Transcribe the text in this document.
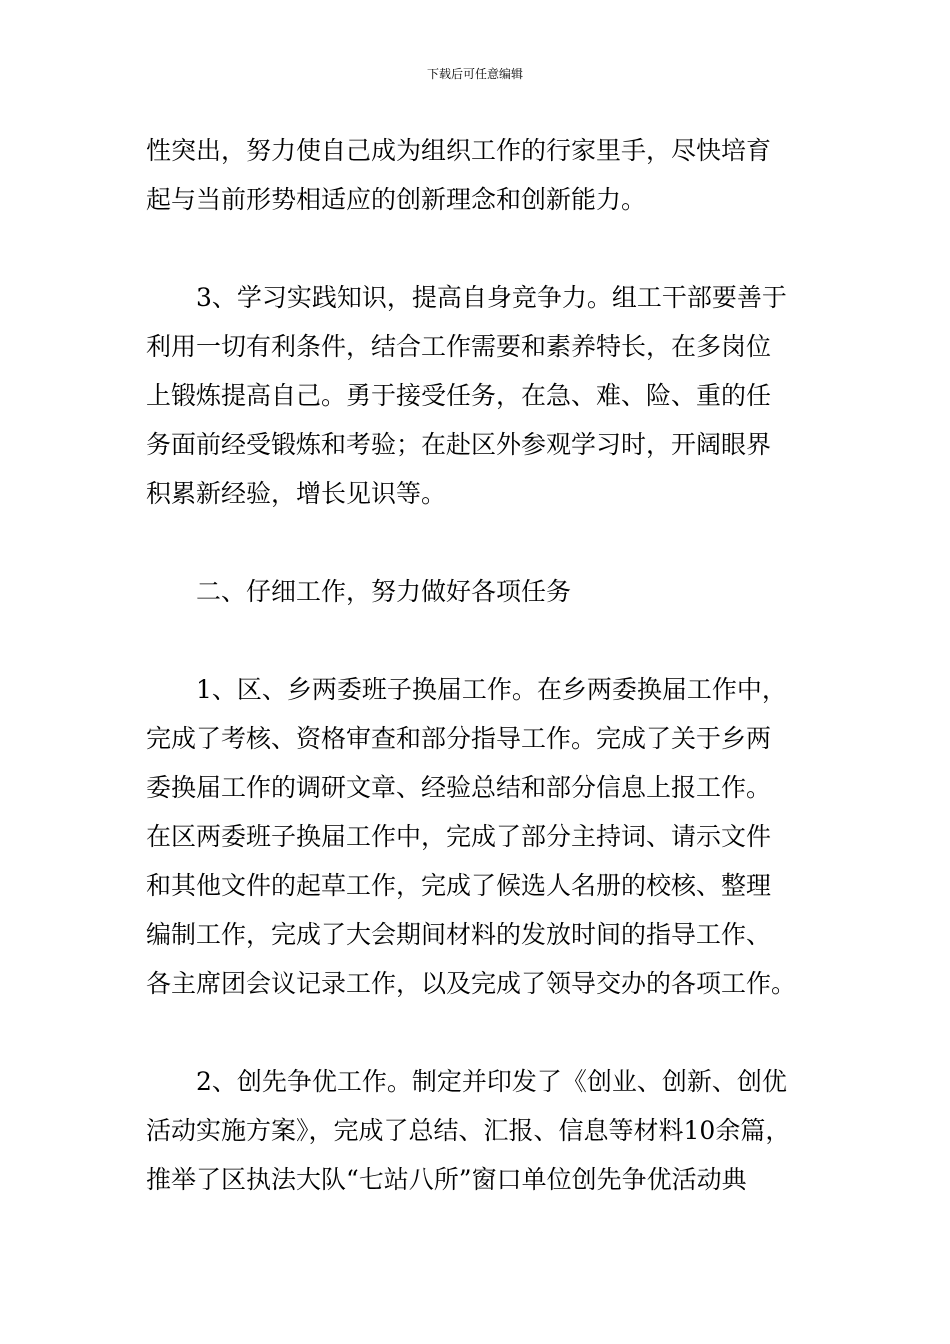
下载后可任意编辑
性突出，努力使自己成为组织工作的行家里手，尽快培育
起与当前形势相适应的创新理念和创新能力。
3、学习实践知识，提高自身竞争力。组工干部要善于
利用一切有利条件，结合工作需要和素养特长，在多岗位
上锻炼提高自己。勇于接受任务，在急、难、险、重的任
务面前经受锻炼和考验；在赴区外参观学习时，开阔眼界
积累新经验，增长见识等。
二、仔细工作，努力做好各项任务
1、区、乡两委班子换届工作。在乡两委换届工作中，
完成了考核、资格审查和部分指导工作。完成了关于乡两
委换届工作的调研文章、经验总结和部分信息上报工作。
在区两委班子换届工作中，完成了部分主持词、请示文件
和其他文件的起草工作，完成了候选人名册的校核、整理
编制工作，完成了大会期间材料的发放时间的指导工作、
各主席团会议记录工作，以及完成了领导交办的各项工作。
2、创先争优工作。制定并印发了《创业、创新、创优
活动实施方案》，完成了总结、汇报、信息等材料10余篇，
推举了区执法大队“七站八所”窗口单位创先争优活动典
